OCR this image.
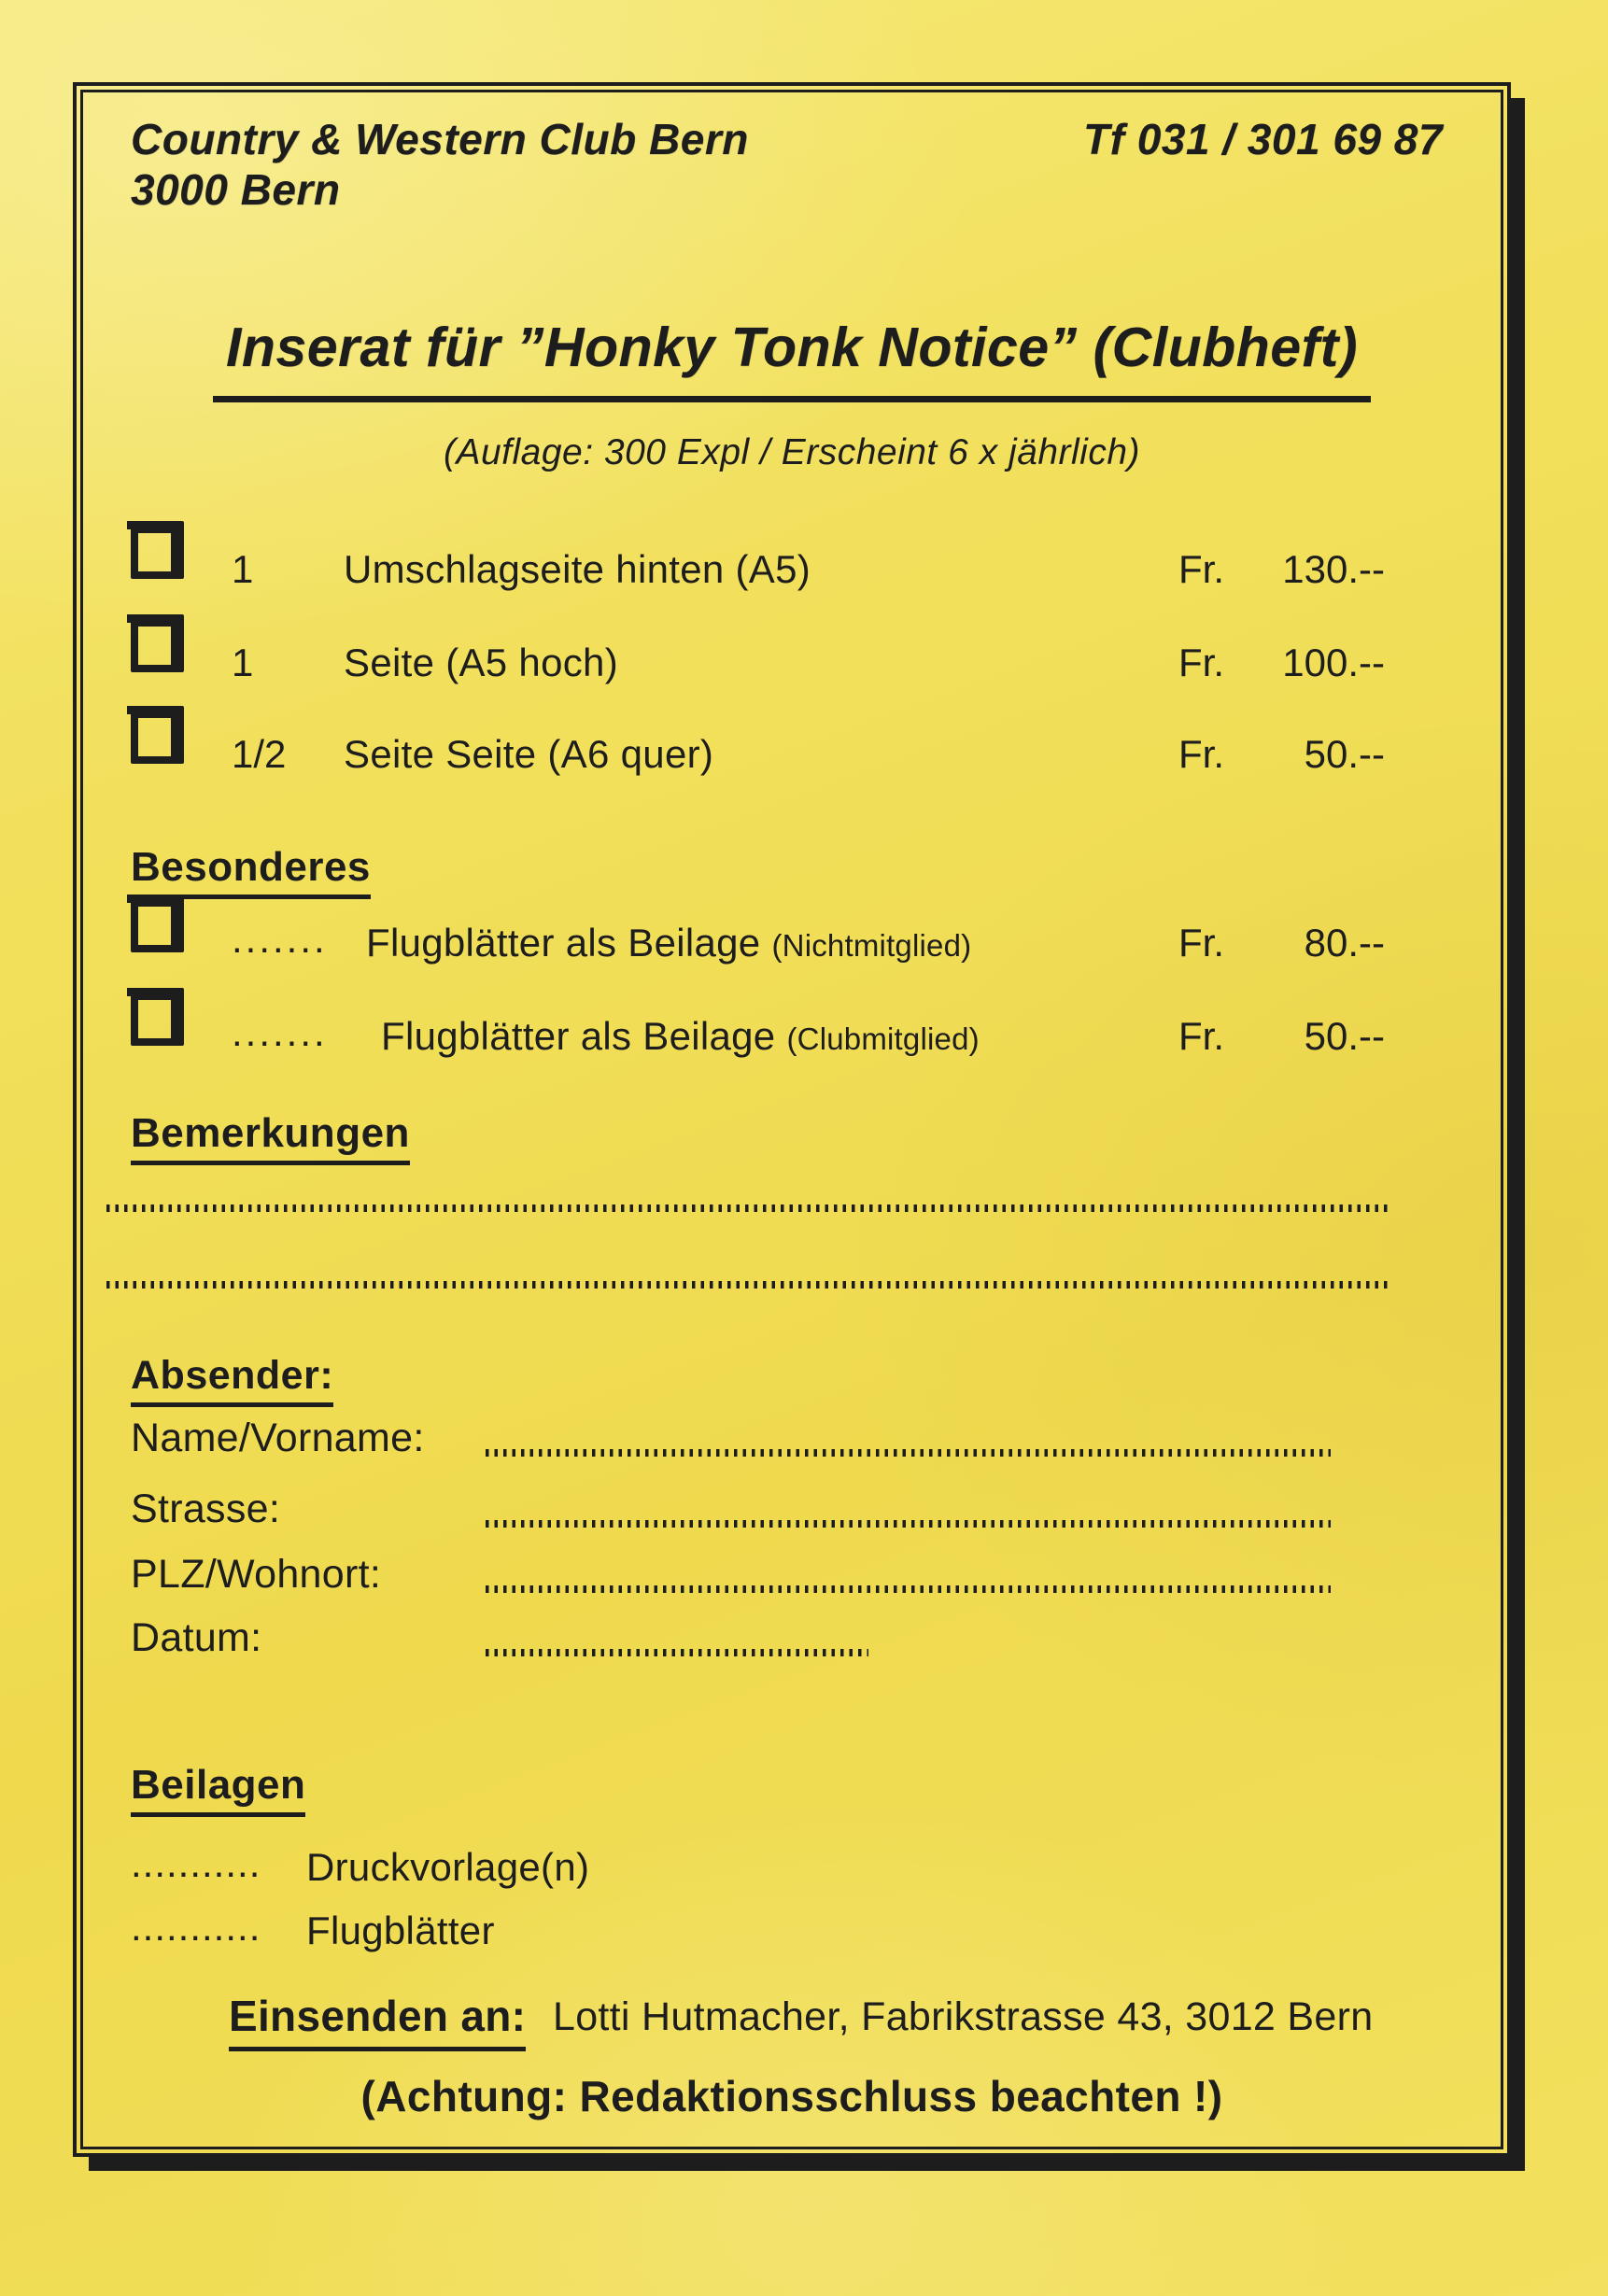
Country & Western Club Bern
3000 Bern
Tf 031 / 301 69 87
Inserat für ”Honky Tonk Notice” (Clubheft)
(Auflage: 300 Expl / Erscheint 6 x jährlich)
1 Umschlagseite hinten (A5)	Fr.	130.--
1 Seite (A5 hoch)	Fr.	100.--
1/2 Seite Seite (A6 quer)	Fr.	50.--
Besonderes
....... Flugblätter als Beilage (Nichtmitglied)	Fr.	80.--
....... Flugblätter als Beilage (Clubmitglied)	Fr.	50.--
Bemerkungen
Absender:
Name/Vorname:
Strasse:
PLZ/Wohnort:
Datum:
Beilagen
........... Druckvorlage(n)
........... Flugblätter
Einsenden an: Lotti Hutmacher, Fabrikstrasse 43, 3012 Bern
(Achtung: Redaktionsschluss beachten !)
